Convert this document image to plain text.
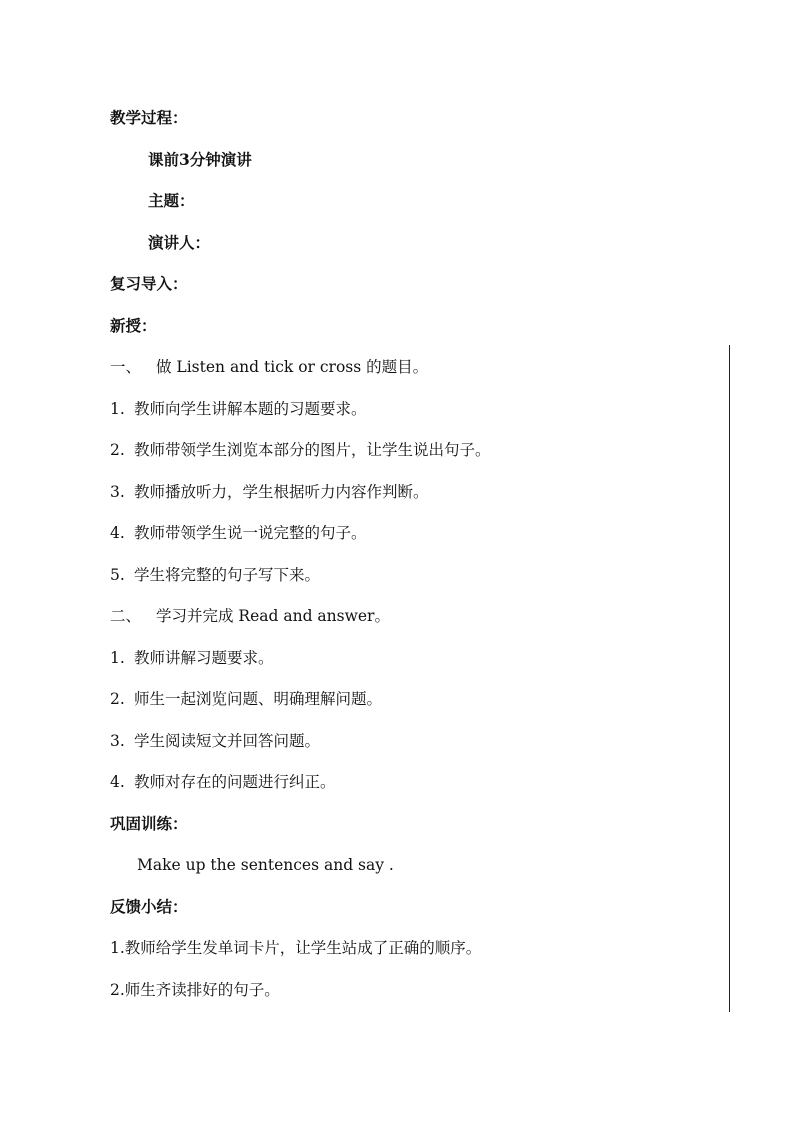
教学过程：
课前3分钟演讲
主题：
演讲人：
复习导入：
新授：
一、 做 Listen and tick or cross 的题目。
1. 教师向学生讲解本题的习题要求。
2. 教师带领学生浏览本部分的图片，让学生说出句子。
3. 教师播放听力，学生根据听力内容作判断。
4. 教师带领学生说一说完整的句子。
5. 学生将完整的句子写下来。
二、 学习并完成 Read and answer。
1. 教师讲解习题要求。
2. 师生一起浏览问题、明确理解问题。
3. 学生阅读短文并回答问题。
4. 教师对存在的问题进行纠正。
巩固训练：
Make up the sentences and say .
反馈小结：
1.教师给学生发单词卡片，让学生站成了正确的顺序。
2.师生齐读排好的句子。
